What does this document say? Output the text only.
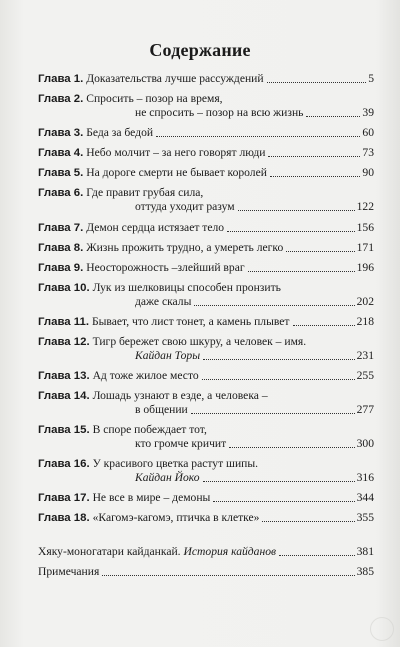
Содержание
Глава 1.
Доказательства лучше рассуждений	5
Глава 2.
Спросить – позор на время,
не спросить – позор на всю жизнь	39
Глава 3.
Беда за бедой	60
Глава 4.
Небо молчит – за него говорят люди	73
Глава 5.
На дороге смерти не бывает королей	90
Глава 6.
Где правит грубая сила,
оттуда уходит разум	122
Глава 7.
Демон сердца истязает тело	156
Глава 8.
Жизнь прожить трудно, а умереть легко	171
Глава 9.
Неосторожность –злейший враг	196
Глава 10.
Лук из шелковицы способен пронзить
даже скалы	202
Глава 11.
Бывает, что лист тонет, а камень плывет	218
Глава 12.
Тигр бережет свою шкуру, а человек – имя.
Кайдан Торы	231
Глава 13.
Ад тоже жилое место	255
Глава 14.
Лошадь узнают в езде, а человека –
в общении	277
Глава 15.
В споре побеждает тот,
кто громче кричит	300
Глава 16.
У красивого цветка растут шипы.
Кайдан Йоко	316
Глава 17.
Не все в мире – демоны	344
Глава 18.
«Кагомэ-кагомэ, птичка в клетке»	355
Хяку-моногатари кайданкай.
История кайданов	381
Примечания	385
